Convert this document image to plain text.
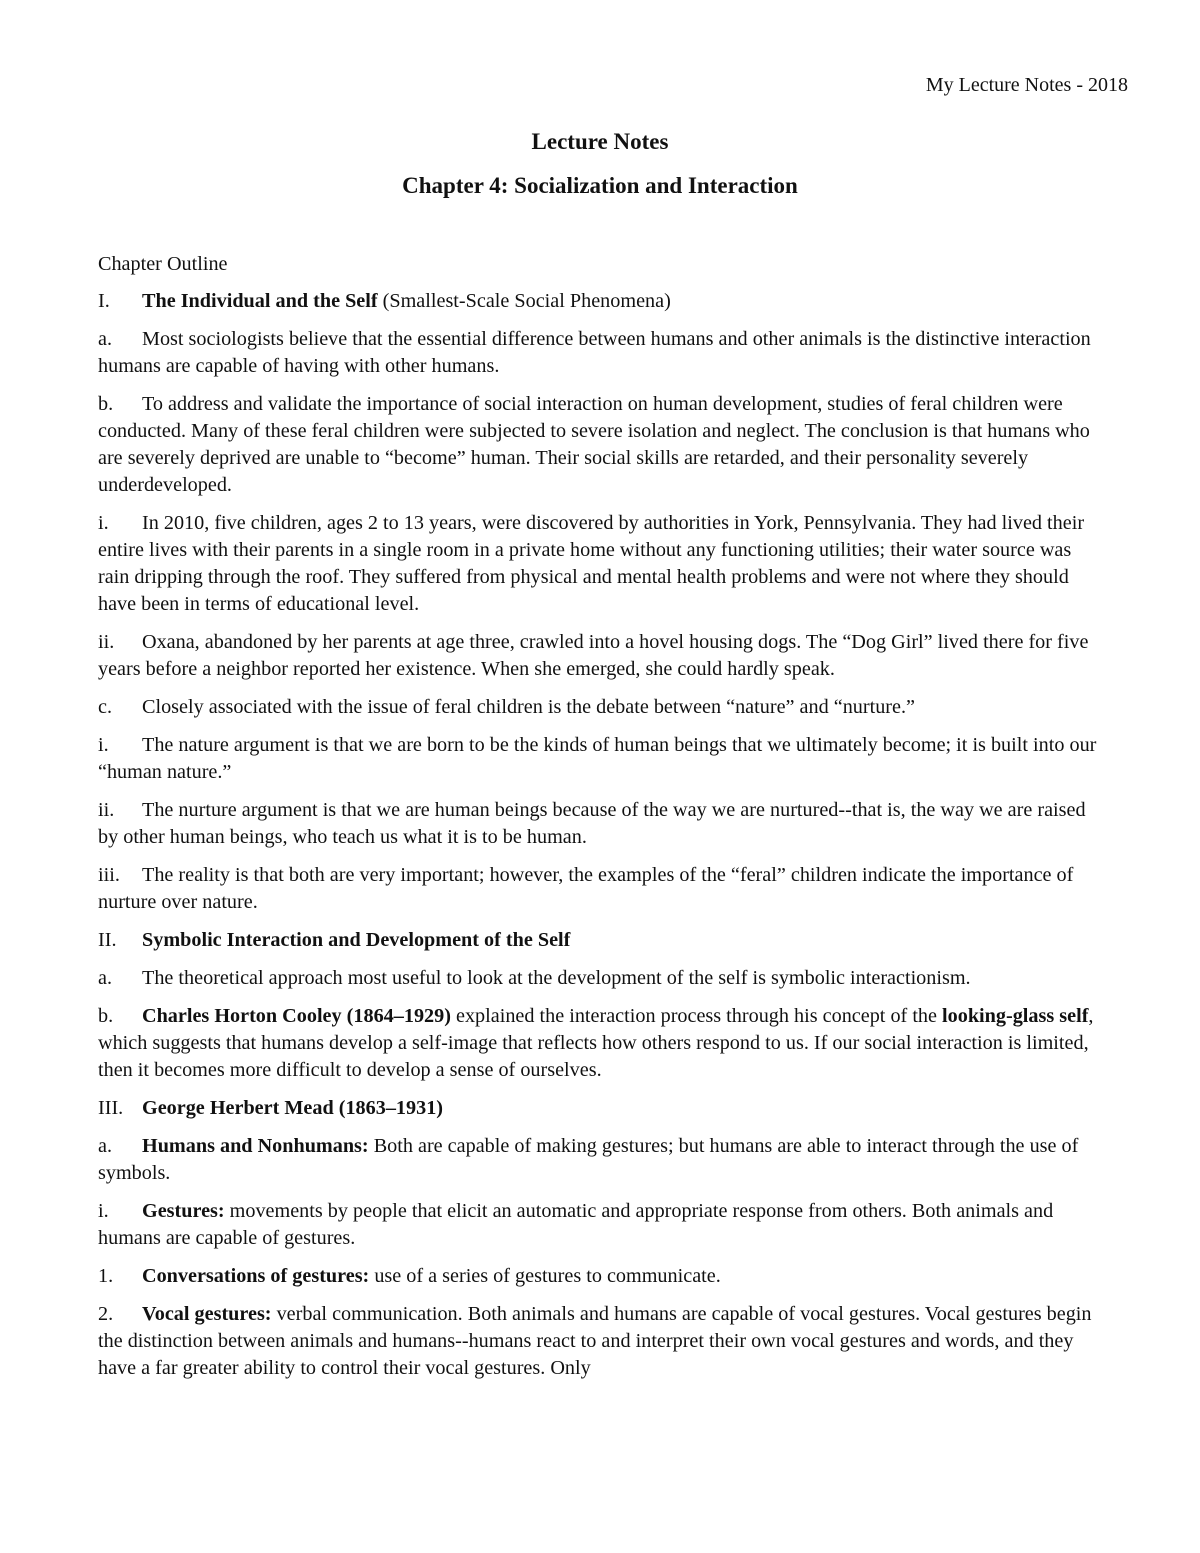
My Lecture Notes - 2018
Lecture Notes
Chapter 4: Socialization and Interaction

Chapter Outline

I. The Individual and the Self (Smallest-Scale Social Phenomena)

a. Most sociologists believe that the essential difference between humans and other animals is the distinctive interaction humans are capable of having with other humans.

b. To address and validate the importance of social interaction on human development, studies of feral children were conducted. Many of these feral children were subjected to severe isolation and neglect. The conclusion is that humans who are severely deprived are unable to “become” human. Their social skills are retarded, and their personality severely underdeveloped.

i. In 2010, five children, ages 2 to 13 years, were discovered by authorities in York, Pennsylvania. They had lived their entire lives with their parents in a single room in a private home without any functioning utilities; their water source was rain dripping through the roof. They suffered from physical and mental health problems and were not where they should have been in terms of educational level.

ii. Oxana, abandoned by her parents at age three, crawled into a hovel housing dogs. The “Dog Girl” lived there for five years before a neighbor reported her existence. When she emerged, she could hardly speak.

c. Closely associated with the issue of feral children is the debate between “nature” and “nurture.”

i. The nature argument is that we are born to be the kinds of human beings that we ultimately become; it is built into our “human nature.”

ii. The nurture argument is that we are human beings because of the way we are nurtured--that is, the way we are raised by other human beings, who teach us what it is to be human.

iii. The reality is that both are very important; however, the examples of the “feral” children indicate the importance of nurture over nature.

II. Symbolic Interaction and Development of the Self

a. The theoretical approach most useful to look at the development of the self is symbolic interactionism.

b. Charles Horton Cooley (1864–1929) explained the interaction process through his concept of the looking-glass self, which suggests that humans develop a self-image that reflects how others respond to us. If our social interaction is limited, then it becomes more difficult to develop a sense of ourselves.

III. George Herbert Mead (1863–1931)

a. Humans and Nonhumans: Both are capable of making gestures; but humans are able to interact through the use of symbols.

i. Gestures: movements by people that elicit an automatic and appropriate response from others. Both animals and humans are capable of gestures.

1. Conversations of gestures: use of a series of gestures to communicate.

2. Vocal gestures: verbal communication. Both animals and humans are capable of vocal gestures. Vocal gestures begin the distinction between animals and humans--humans react to and interpret their own vocal gestures and words, and they have a far greater ability to control their vocal gestures. Only
